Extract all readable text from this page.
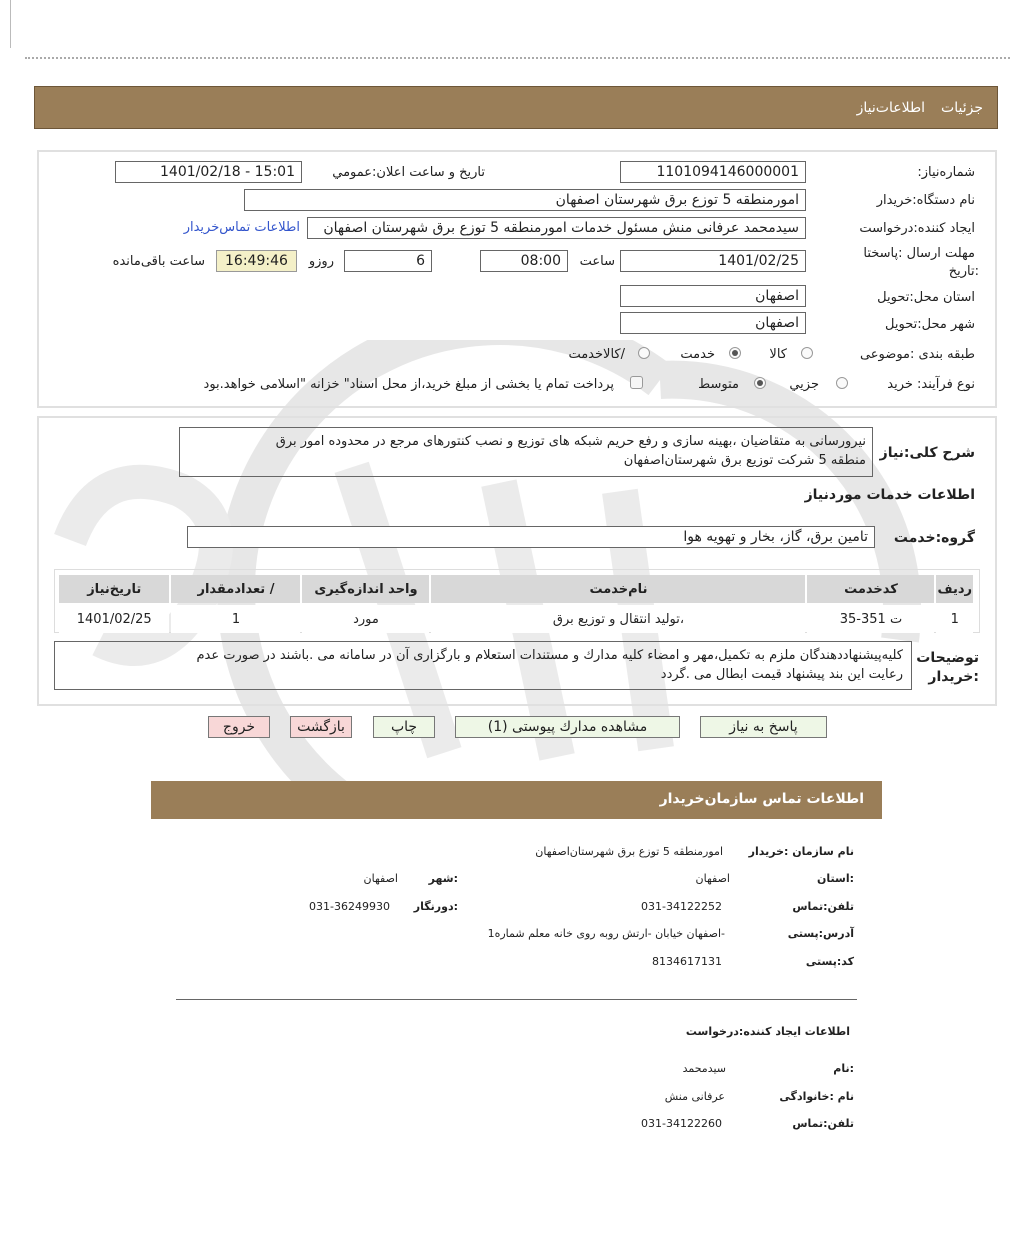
جزئیات
اطلاعات‌نیاز
شماره‌نیاز:
1101094146000001
تاریخ و ساعت اعلان‌:عمومي
1401/02/18 - 15:01
نام دستگاه‌:خريدار
امورمنطقه 5 توزع برق شهرستان اصفهان
ايجاد كننده‌:درخواست
سيدمحمد عرفانى منش مسئول خدمات امورمنطقه 5 توزع برق شهرستان اصفهان
اطلاعات تماس‌خريدار
مهلت ارسال :پاسختا
:تاريخ
1401/02/25
ساعت
08:00
6
روزو
16:49:46
ساعت باقی‌مانده
استان محل‌:تحويل
اصفهان
شهر محل‌:تحويل
اصفهان
طبقه بندی‌ :موضوعی
كالا
خدمت
/كالاخدمت
نوع فرآيند: خريد
جزيي
متوسط
پرداخت تمام يا بخشى از مبلغ خريد،از محل اسناد" خزانه "اسلامى خواهد.بود
شرح کلی‌:نياز
نيرورسانى به متقاضيان ،بهينه سازى و رفع حريم شبكه هاى توزيع و نصب كنتورهاى مرجع در محدوده امور برق
منطقه 5 شركت توزيع برق شهرستان‌اصفهان
اطلاعات خدمات موردنياز
گروه‌:خدمت
تامين برق، گاز، بخار و تهويه هوا
رديف	كدخدمت	نام‌خدمت	واحد اندازه‌گيرى	/ تعدادمقدار	تاريخ‌نياز
1	ت 351-35	،توليد انتقال و توزيع برق	مورد	1	1401/02/25
توضيحات
:خريدار
كليه‌پيشنهاددهندگان ملزم به تكميل،مهر و امضاء كليه مدارك و مستندات استعلام و بارگزارى آن در سامانه مى .باشند در صورت عدم
رعايت اين بند پيشنهاد قيمت ابطال مى .گردد
پاسخ به نياز
مشاهده مدارك پيوستى (1)
چاپ
بازگشت
خروج
اطلاعات تماس سازمان‌خريدار
نام سازمان‌ :خريدار
امورمنطقه 5 توزع برق شهرستان‌اصفهان
:استان
اصفهان
:شهر
اصفهان
تلفن‌:تماس
031-34122252
:دورنگار
031-36249930
آدرس‌:پستی
-اصفهان خيابان -ارتش روبه روى خانه معلم شماره1
كد‌:پستی
8134617131
اطلاعات ايجاد كننده‌:درخواست
:نام
سيدمحمد
نام :خانوادگی
عرفانى منش
تلفن‌:تماس
031-34122260
